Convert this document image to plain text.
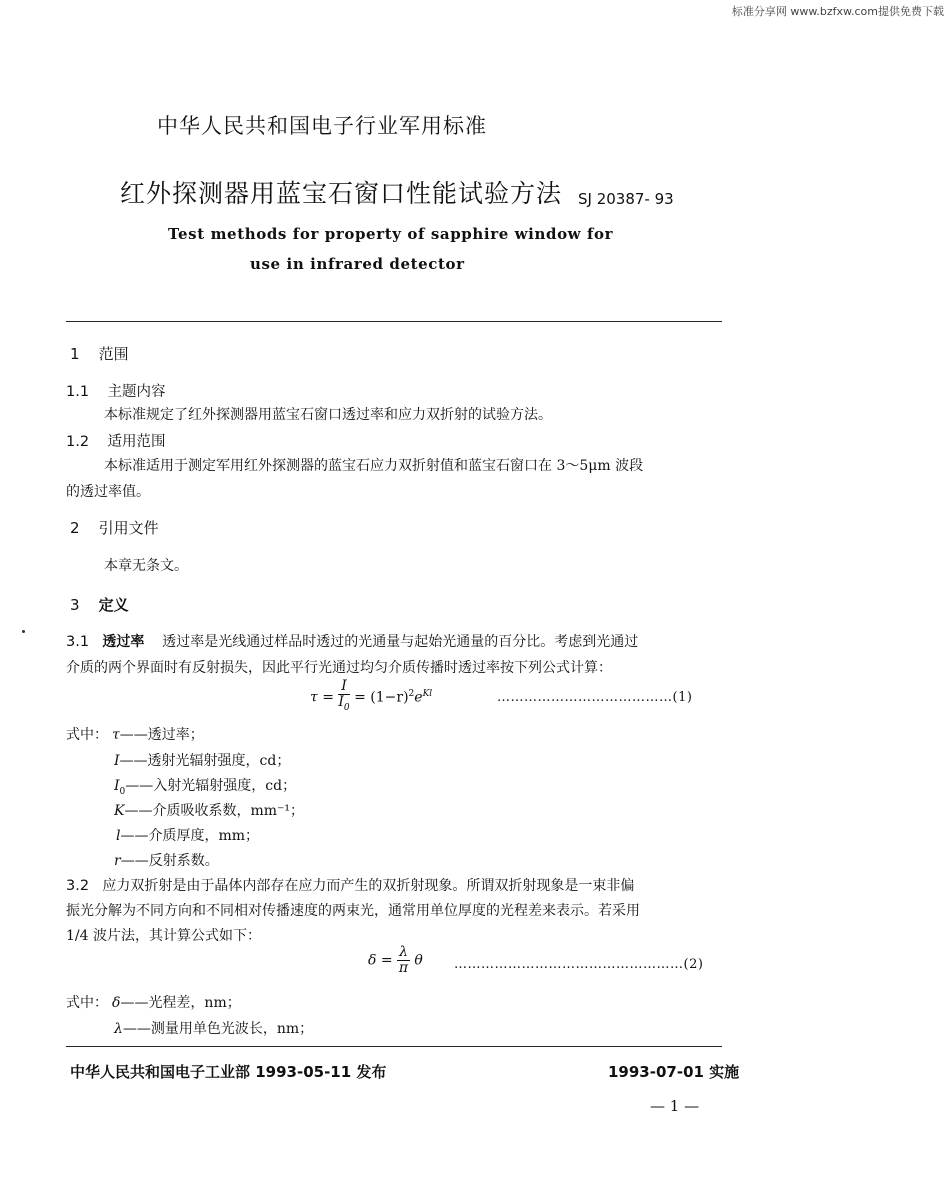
标准分享网 www.bzfxw.com提供免费下载
中华人民共和国电子行业军用标准
红外探测器用蓝宝石窗口性能试验方法 SJ 20387- 93
Test methods for property of sapphire window for
use in infrared detector
1 范围
1.1 主题内容
本标准规定了红外探测器用蓝宝石窗口透过率和应力双折射的试验方法。
1.2 适用范围
本标准适用于测定军用红外探测器的蓝宝石应力双折射值和蓝宝石窗口在 3～5μm 波段
的透过率值。
2 引用文件
本章无条文。
3 定义
3.1 透过率 透过率是光线通过样品时透过的光通量与起始光通量的百分比。考虑到光通过
介质的两个界面时有反射损失，因此平行光通过均匀介质传播时透过率按下列公式计算：
$\tau = \frac{I}{I_0} = (1-r)^2e^{Kl}$	…………………………………(1)
式中： τ——透过率；
I——透射光辐射强度，cd；
$I_0——$入射光辐射强度，cd；
K——介质吸收系数，mm⁻¹；
l——介质厚度，mm；
r——反射系数。
3.2 应力双折射是由于晶体内部存在应力而产生的双折射现象。所谓双折射现象是一束非偏
振光分解为不同方向和不同相对传播速度的两束光，通常用单位厚度的光程差来表示。若采用
1/4 波片法，其计算公式如下：
$\delta = \frac{\lambda}{\pi}$ θ ……………………………………………(2)
式中： δ——光程差，nm；
λ——测量用单色光波长，nm；
中华人民共和国电子工业部 1993-05-11 发布	1993-07-01 实施
— 1 —
